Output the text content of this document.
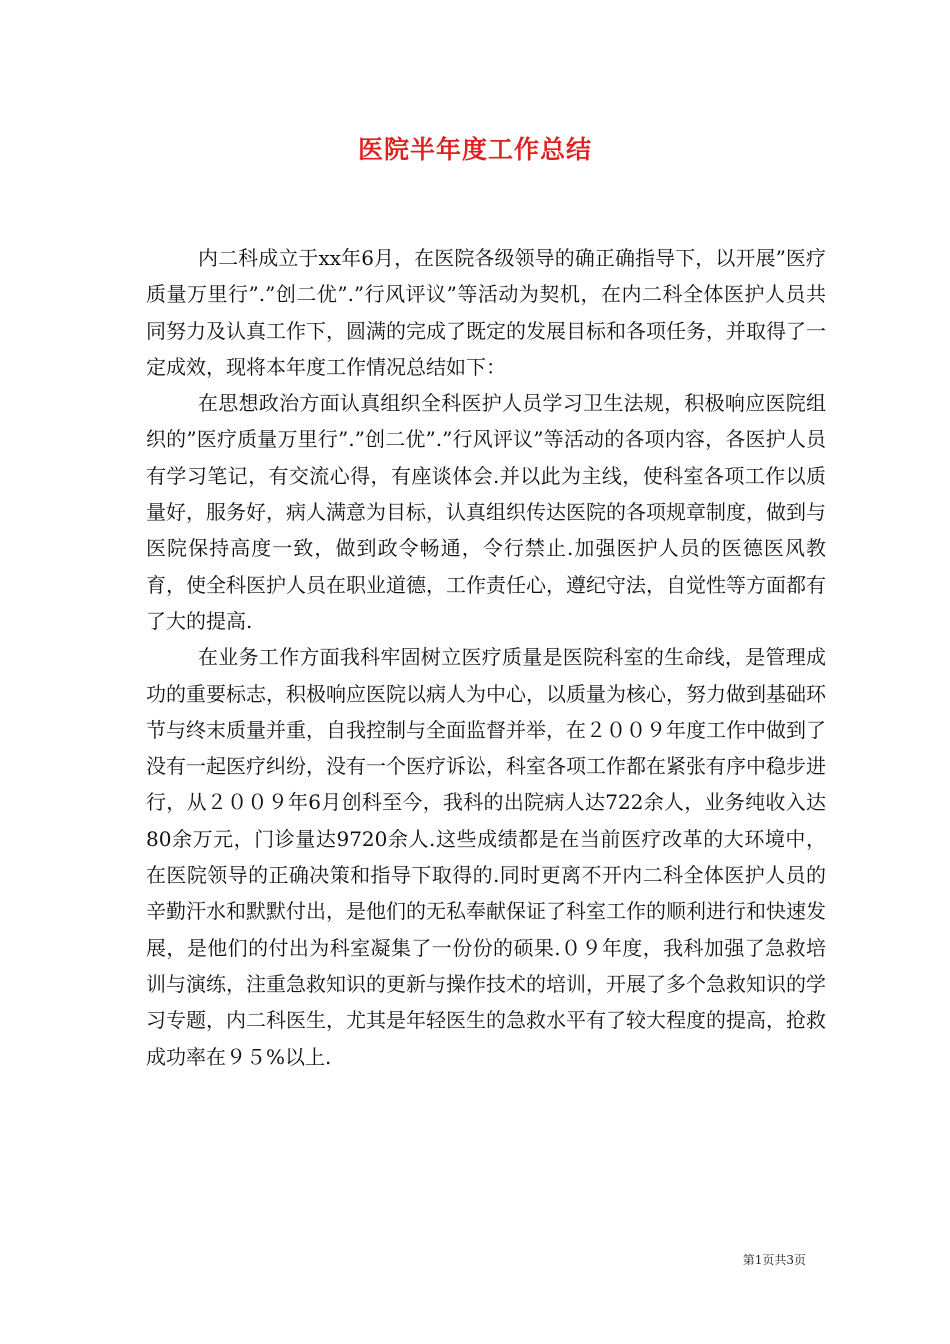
医院半年度工作总结

内二科成立于xx年6月，在医院各级领导的确正确指导下，以开展”医疗质量万里行”.”创二优”.”行风评议”等活动为契机，在内二科全体医护人员共同努力及认真工作下，圆满的完成了既定的发展目标和各项任务，并取得了一定成效，现将本年度工作情况总结如下：

在思想政治方面认真组织全科医护人员学习卫生法规，积极响应医院组织的”医疗质量万里行”.”创二优”.”行风评议”等活动的各项内容，各医护人员有学习笔记，有交流心得，有座谈体会.并以此为主线，使科室各项工作以质量好，服务好，病人满意为目标，认真组织传达医院的各项规章制度，做到与医院保持高度一致，做到政令畅通，令行禁止.加强医护人员的医德医风教育，使全科医护人员在职业道德，工作责任心，遵纪守法，自觉性等方面都有了大的提高.

在业务工作方面我科牢固树立医疗质量是医院科室的生命线，是管理成功的重要标志，积极响应医院以病人为中心，以质量为核心，努力做到基础环节与终末质量并重，自我控制与全面监督并举，在２００９年度工作中做到了没有一起医疗纠纷，没有一个医疗诉讼，科室各项工作都在紧张有序中稳步进行，从２００９年6月创科至今，我科的出院病人达722余人，业务纯收入达80余万元，门诊量达9720余人.这些成绩都是在当前医疗改革的大环境中，在医院领导的正确决策和指导下取得的.同时更离不开内二科全体医护人员的辛勤汗水和默默付出，是他们的无私奉献保证了科室工作的顺利进行和快速发展，是他们的付出为科室凝集了一份份的硕果.０９年度，我科加强了急救培训与演练，注重急救知识的更新与操作技术的培训，开展了多个急救知识的学习专题，内二科医生，尤其是年轻医生的急救水平有了较大程度的提高，抢救成功率在９５%以上.

第1页共3页
